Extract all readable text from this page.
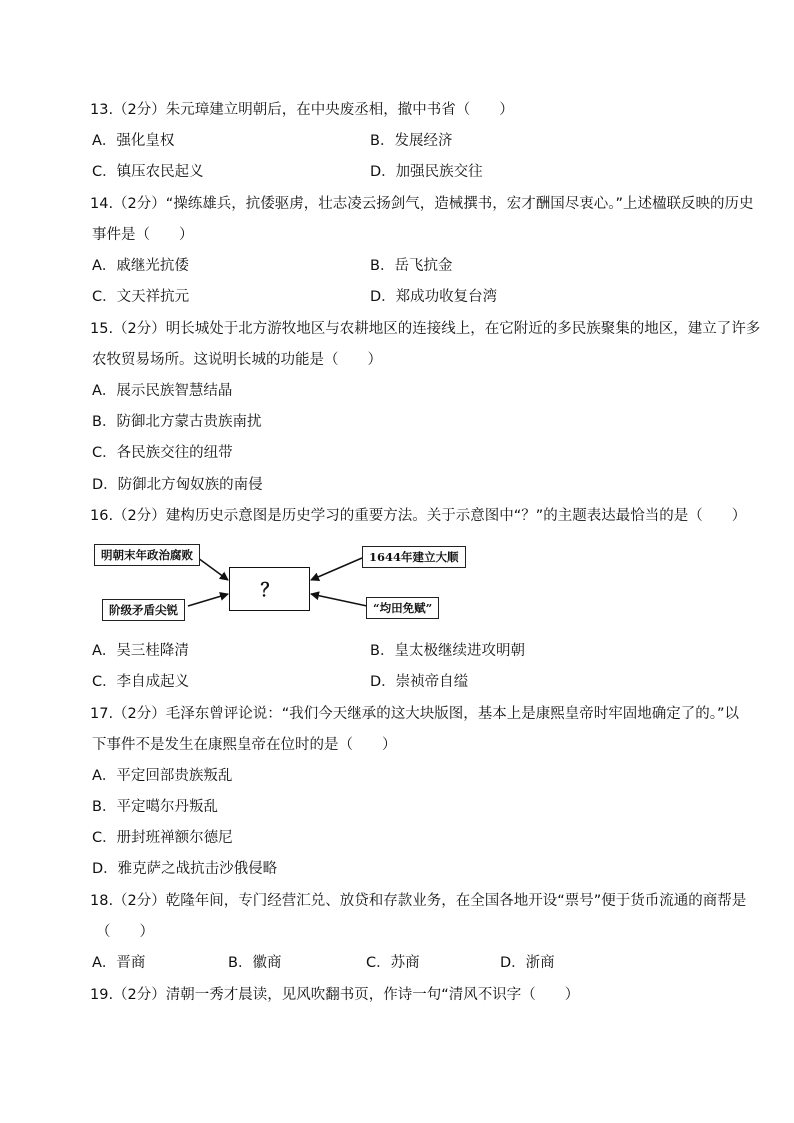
13.（2分）朱元璋建立明朝后，在中央废丞相，撤中书省（　　）
A．强化皇权	B．发展经济
C．镇压农民起义	D．加强民族交往
14.（2分）“操练雄兵，抗倭驱虏，壮志凌云扬剑气，造械撰书，宏才酬国尽衷心。”上述楹联反映的历史
事件是（　　）
A．戚继光抗倭	B．岳飞抗金
C．文天祥抗元	D．郑成功收复台湾
15.（2分）明长城处于北方游牧地区与农耕地区的连接线上，在它附近的多民族聚集的地区，建立了许多
农牧贸易场所。这说明长城的功能是（　　）
A．展示民族智慧结晶
B．防御北方蒙古贵族南扰
C．各民族交往的纽带
D．防御北方匈奴族的南侵
16.（2分）建构历史示意图是历史学习的重要方法。关于示意图中“？”的主题表达最恰当的是（　　）
明朝末年政治腐败
阶级矛盾尖锐
？
1644年建立大顺
“均田免赋”
A．吴三桂降清	B．皇太极继续进攻明朝
C．李自成起义	D．崇祯帝自缢
17.（2分）毛泽东曾评论说：“我们今天继承的这大块版图，基本上是康熙皇帝时牢固地确定了的。”以
下事件不是发生在康熙皇帝在位时的是（　　）
A．平定回部贵族叛乱
B．平定噶尔丹叛乱
C．册封班禅额尔德尼
D．雅克萨之战抗击沙俄侵略
18.（2分）乾隆年间，专门经营汇兑、放贷和存款业务，在全国各地开设“票号”便于货币流通的商帮是
（　　）
A．晋商	B．徽商	C．苏商	D．浙商
19.（2分）清朝一秀才晨读，见风吹翻书页，作诗一句“清风不识字（　　）
